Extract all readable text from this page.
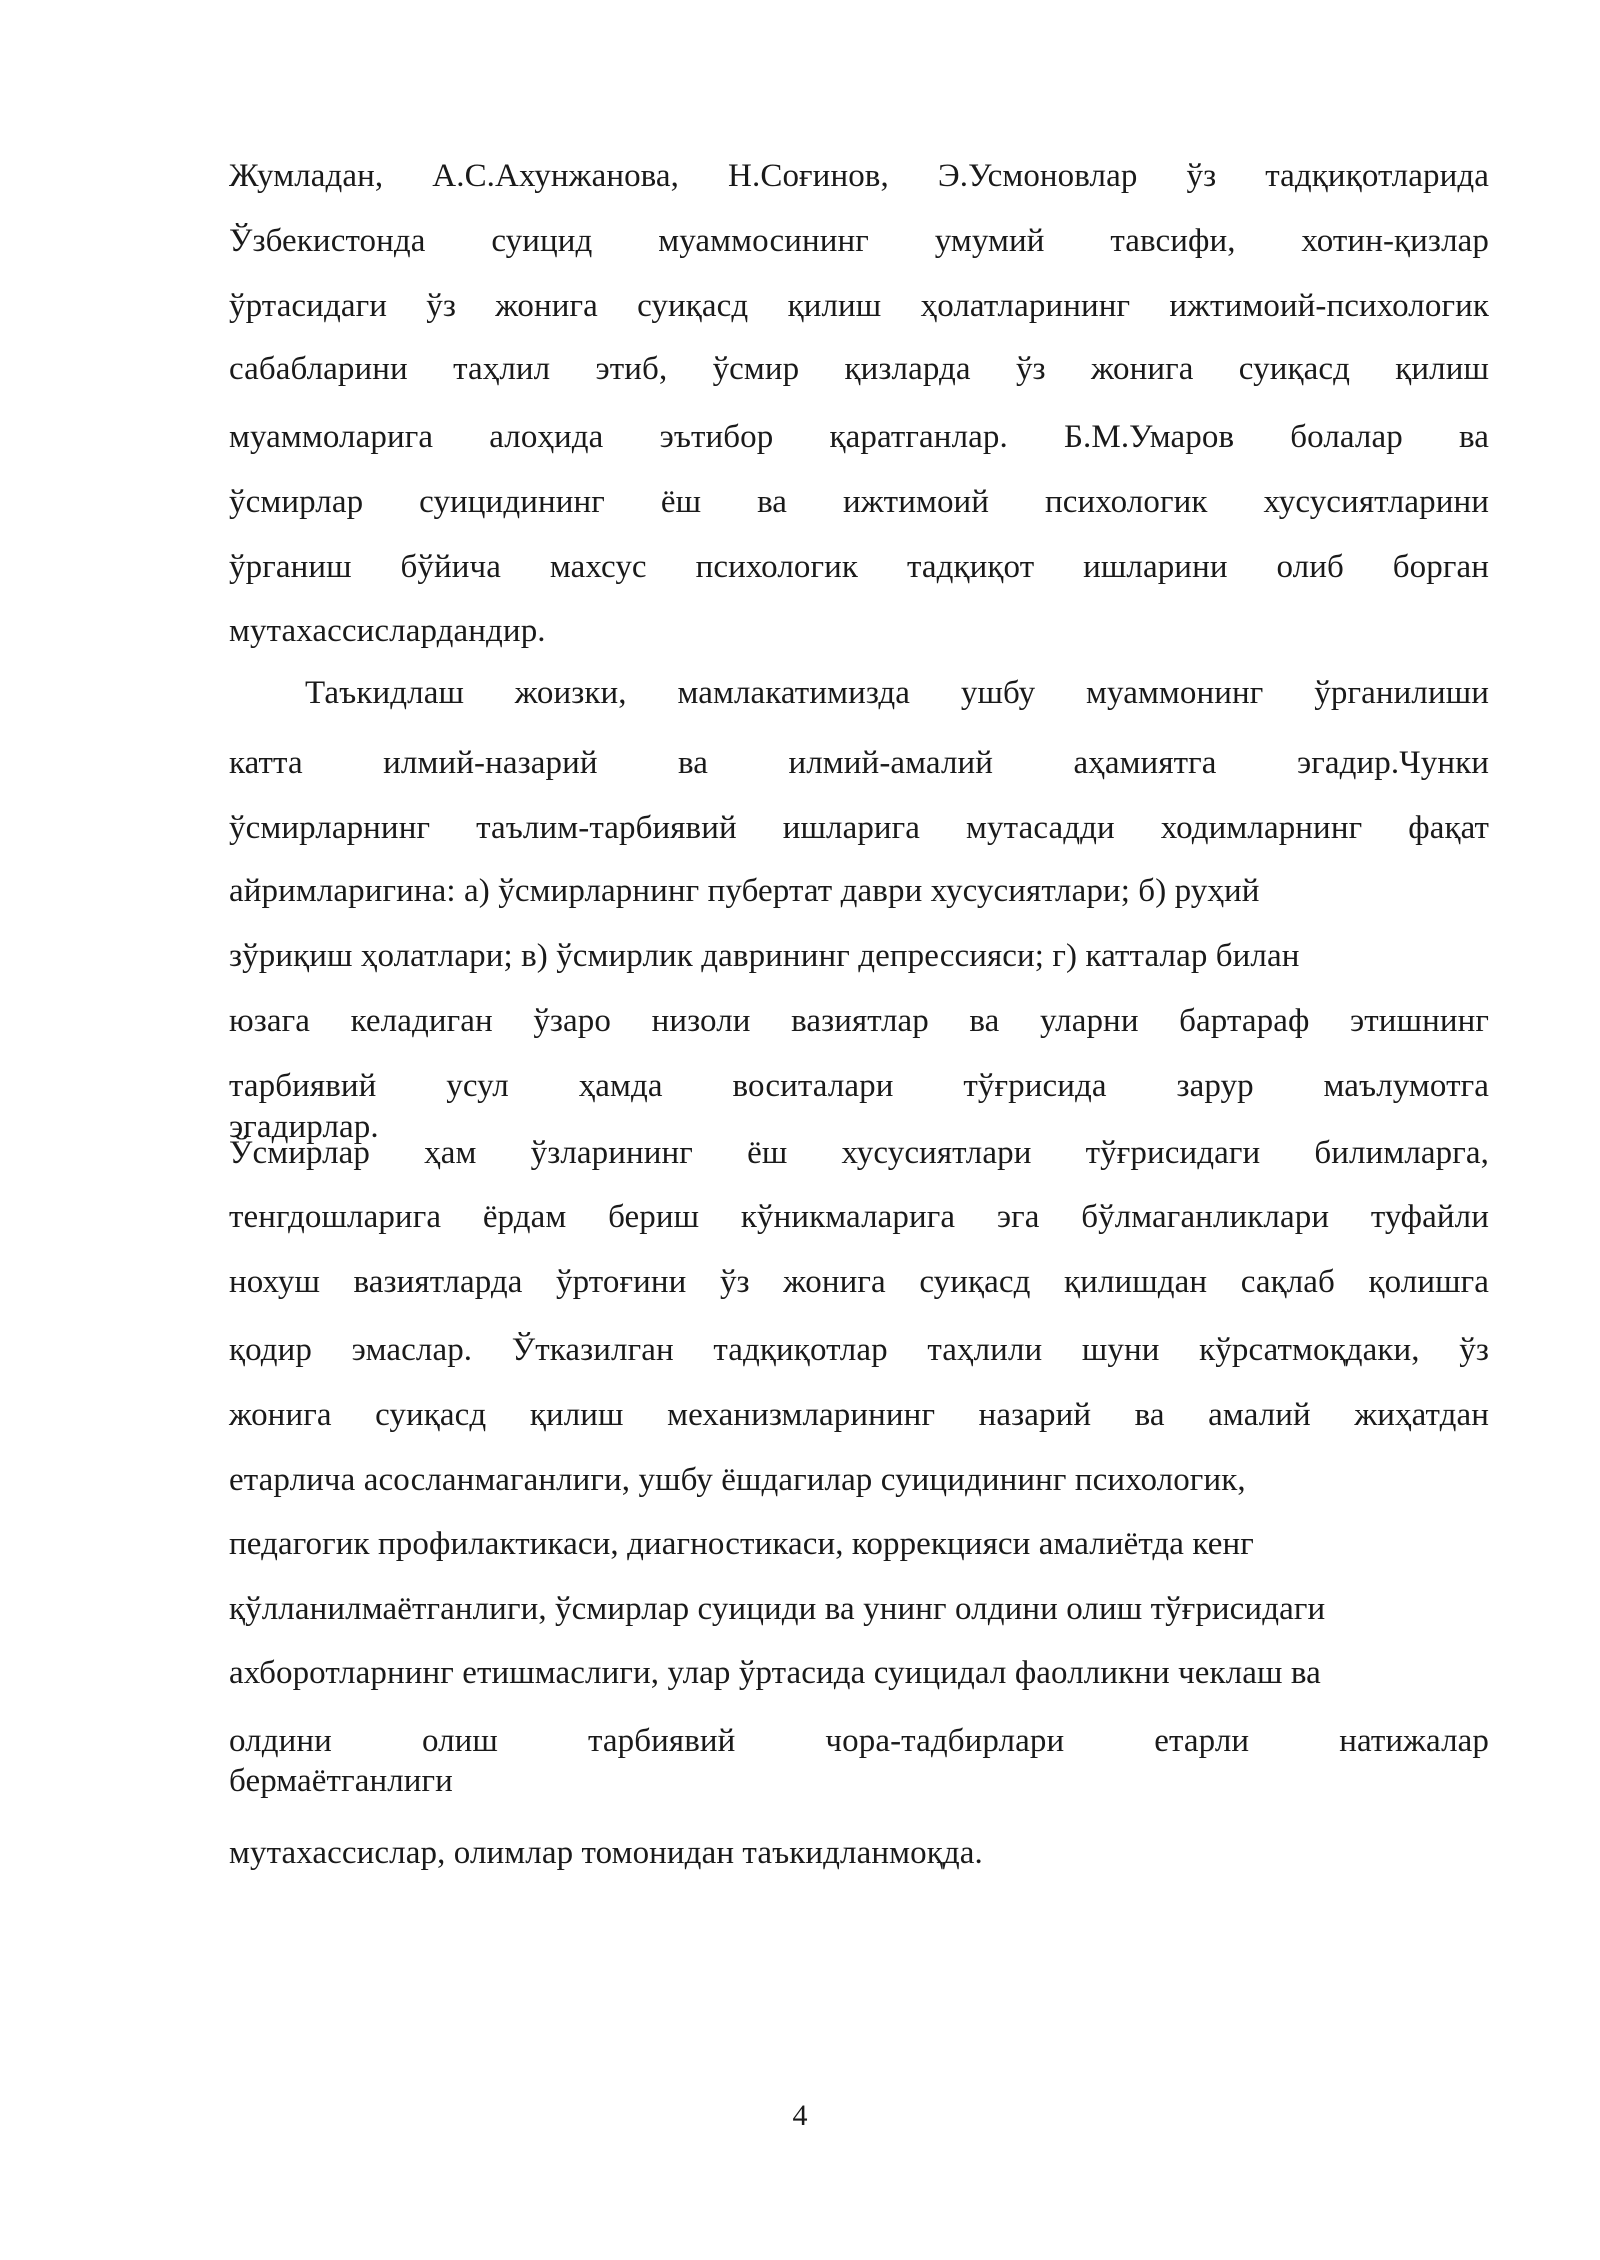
Жумладан, А.С.Ахунжанова, Н.Соғинов, Э.Усмоновлар ўз тадқиқотларида
Ўзбекистонда суицид муаммосининг умумий тавсифи, хотин-қизлар
ўртасидаги ўз жонига суиқасд қилиш ҳолатларининг ижтимоий-психологик
сабабларини таҳлил этиб, ўсмир қизларда ўз жонига суиқасд қилиш
муаммоларига алоҳида эътибор қаратганлар. Б.М.Умаров болалар ва
ўсмирлар суицидининг ёш ва ижтимоий психологик хусусиятларини
ўрганиш бўйича махсус психологик тадқиқот ишларини олиб борган
мутахассислардандир.
Таъкидлаш жоизки, мамлакатимизда ушбу муаммонинг ўрганилиши
катта илмий-назарий ва илмий-амалий аҳамиятга эгадир.Чунки
ўсмирларнинг таълим-тарбиявий ишларига мутасадди ходимларнинг фақат
айримларигина: а) ўсмирларнинг пубертат даври хусусиятлари; б) руҳий
зўриқиш ҳолатлари; в) ўсмирлик даврининг депрессияси; г) катталар билан
юзага келадиган ўзаро низоли вазиятлар ва уларни бартараф этишнинг
тарбиявий усул ҳамда воситалари тўғрисида зарур маълумотга
эгадирлар.
Ўсмирлар ҳам ўзларининг ёш хусусиятлари тўғрисидаги билимларга,
тенгдошларига ёрдам бериш кўникмаларига эга бўлмаганликлари туфайли
нохуш вазиятларда ўртоғини ўз жонига суиқасд қилишдан сақлаб қолишга
қодир эмаслар. Ўтказилган тадқиқотлар таҳлили шуни кўрсатмоқдаки, ўз
жонига суиқасд қилиш механизмларининг назарий ва амалий жиҳатдан
етарлича асосланмаганлиги, ушбу ёшдагилар суицидининг психологик,
педагогик профилактикаси, диагностикаси, коррекцияси амалиётда кенг
қўлланилмаётганлиги, ўсмирлар суициди ва унинг олдини олиш тўғрисидаги
ахборотларнинг етишмаслиги, улар ўртасида суицидал фаолликни чеклаш ва
олдини олиш тарбиявий чора-тадбирлари етарли натижалар
бермаётганлиги
мутахассислар, олимлар томонидан таъкидланмоқда.
4
